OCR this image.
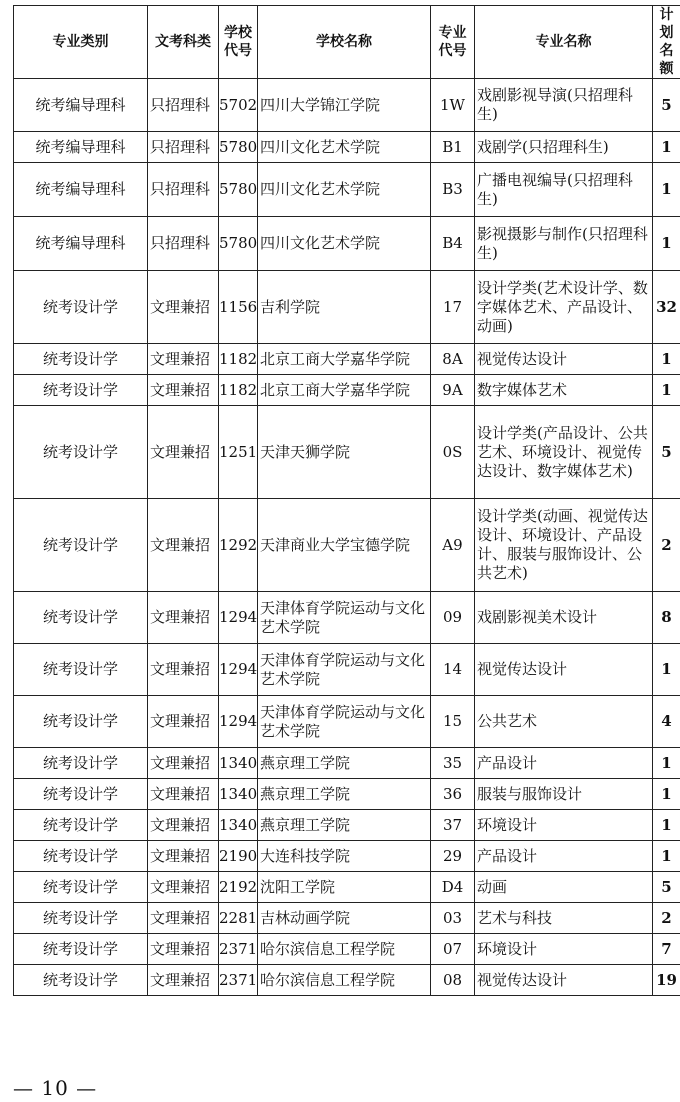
专业类别	文考科类	学校代号	学校名称	专业代号	专业名称	计划名额
统考编导理科	只招理科	5702	四川大学锦江学院	1W	戏剧影视导演(只招理科生)	5
统考编导理科	只招理科	5780	四川文化艺术学院	B1	戏剧学(只招理科生)	1
统考编导理科	只招理科	5780	四川文化艺术学院	B3	广播电视编导(只招理科生)	1
统考编导理科	只招理科	5780	四川文化艺术学院	B4	影视摄影与制作(只招理科生)	1
统考设计学	文理兼招	1156	吉利学院	17	设计学类(艺术设计学、数字媒体艺术、产品设计、动画)	32
统考设计学	文理兼招	1182	北京工商大学嘉华学院	8A	视觉传达设计	1
统考设计学	文理兼招	1182	北京工商大学嘉华学院	9A	数字媒体艺术	1
统考设计学	文理兼招	1251	天津天狮学院	0S	设计学类(产品设计、公共艺术、环境设计、视觉传达设计、数字媒体艺术)	5
统考设计学	文理兼招	1292	天津商业大学宝德学院	A9	设计学类(动画、视觉传达设计、环境设计、产品设计、服装与服饰设计、公共艺术)	2
统考设计学	文理兼招	1294	天津体育学院运动与文化艺术学院	09	戏剧影视美术设计	8
统考设计学	文理兼招	1294	天津体育学院运动与文化艺术学院	14	视觉传达设计	1
统考设计学	文理兼招	1294	天津体育学院运动与文化艺术学院	15	公共艺术	4
统考设计学	文理兼招	1340	燕京理工学院	35	产品设计	1
统考设计学	文理兼招	1340	燕京理工学院	36	服装与服饰设计	1
统考设计学	文理兼招	1340	燕京理工学院	37	环境设计	1
统考设计学	文理兼招	2190	大连科技学院	29	产品设计	1
统考设计学	文理兼招	2192	沈阳工学院	D4	动画	5
统考设计学	文理兼招	2281	吉林动画学院	03	艺术与科技	2
统考设计学	文理兼招	2371	哈尔滨信息工程学院	07	环境设计	7
统考设计学	文理兼招	2371	哈尔滨信息工程学院	08	视觉传达设计	19
— 10 —
